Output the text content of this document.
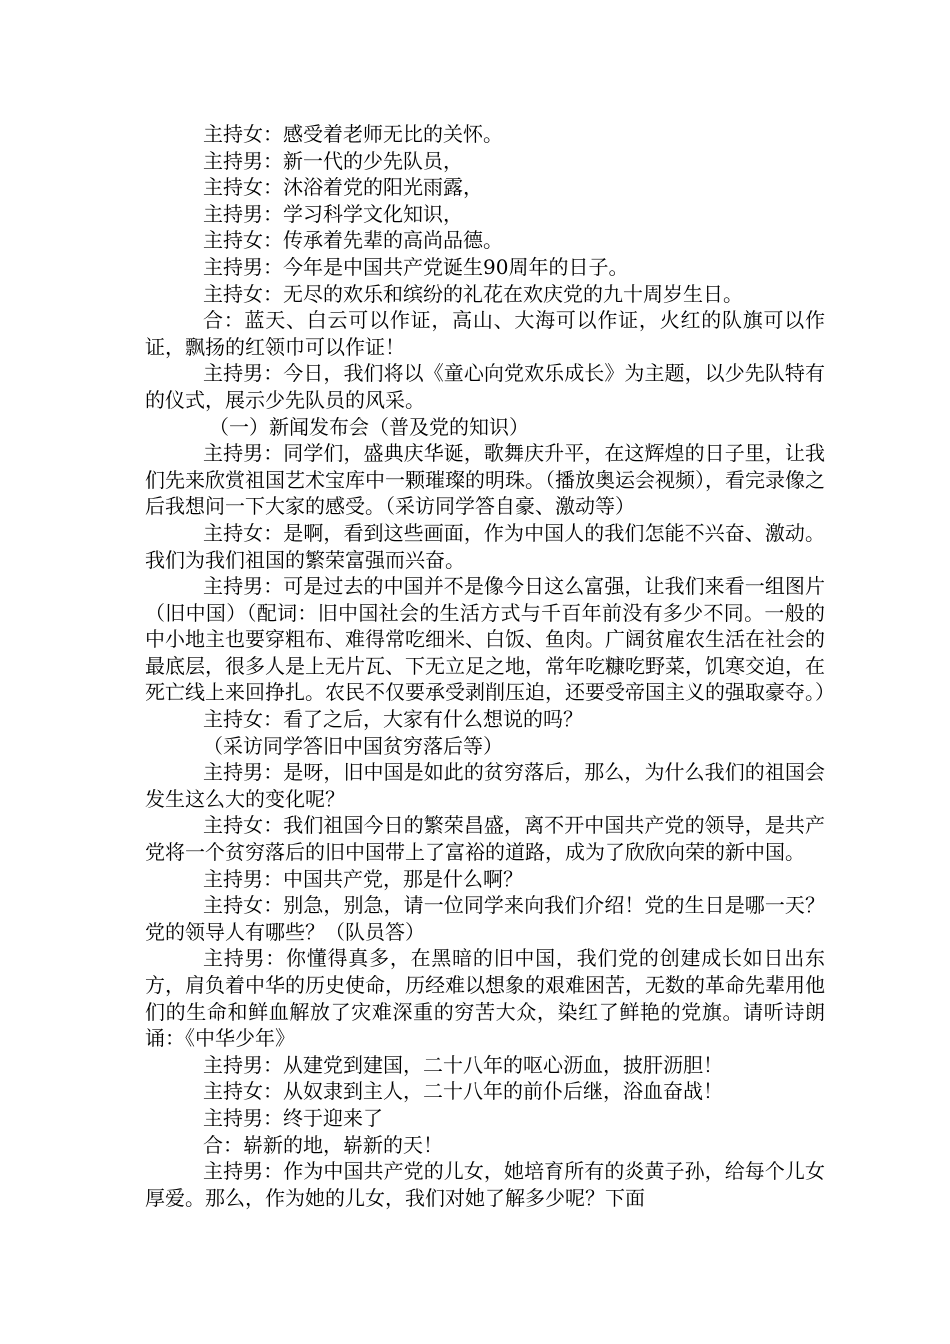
主持女：感受着老师无比的关怀。

主持男：新一代的少先队员，

主持女：沐浴着党的阳光雨露，

主持男：学习科学文化知识，

主持女：传承着先辈的高尚品德。

主持男：今年是中国共产党诞生90周年的日子。

主持女：无尽的欢乐和缤纷的礼花在欢庆党的九十周岁生日。

合：蓝天、白云可以作证，高山、大海可以作证，火红的队旗可以作证，飘扬的红领巾可以作证！

主持男：今日，我们将以《童心向党欢乐成长》为主题，以少先队特有的仪式，展示少先队员的风采。

（一）新闻发布会（普及党的知识）

主持男：同学们，盛典庆华诞，歌舞庆升平，在这辉煌的日子里，让我们先来欣赏祖国艺术宝库中一颗璀璨的明珠。（播放奥运会视频），看完录像之后我想问一下大家的感受。（采访同学答自豪、激动等）

主持女：是啊，看到这些画面，作为中国人的我们怎能不兴奋、激动。我们为我们祖国的繁荣富强而兴奋。

主持男：可是过去的中国并不是像今日这么富强，让我们来看一组图片（旧中国）（配词：旧中国社会的生活方式与千百年前没有多少不同。一般的中小地主也要穿粗布、难得常吃细米、白饭、鱼肉。广阔贫雇农生活在社会的最底层，很多人是上无片瓦、下无立足之地，常年吃糠吃野菜，饥寒交迫，在死亡线上来回挣扎。农民不仅要承受剥削压迫，还要受帝国主义的强取豪夺。）

主持女：看了之后，大家有什么想说的吗？

（采访同学答旧中国贫穷落后等）

主持男：是呀，旧中国是如此的贫穷落后，那么，为什么我们的祖国会发生这么大的变化呢？

主持女：我们祖国今日的繁荣昌盛，离不开中国共产党的领导，是共产党将一个贫穷落后的旧中国带上了富裕的道路，成为了欣欣向荣的新中国。

主持男：中国共产党，那是什么啊？

主持女：别急，别急，请一位同学来向我们介绍！党的生日是哪一天？党的领导人有哪些？（队员答）

主持男：你懂得真多，在黑暗的旧中国，我们党的创建成长如日出东方，肩负着中华的历史使命，历经难以想象的艰难困苦，无数的革命先辈用他们的生命和鲜血解放了灾难深重的穷苦大众，染红了鲜艳的党旗。请听诗朗诵：《中华少年》

主持男：从建党到建国，二十八年的呕心沥血，披肝沥胆！

主持女：从奴隶到主人，二十八年的前仆后继，浴血奋战！

主持男：终于迎来了

合：崭新的地，崭新的天！

主持男：作为中国共产党的儿女，她培育所有的炎黄子孙，给每个儿女厚爱。那么，作为她的儿女，我们对她了解多少呢？下面
